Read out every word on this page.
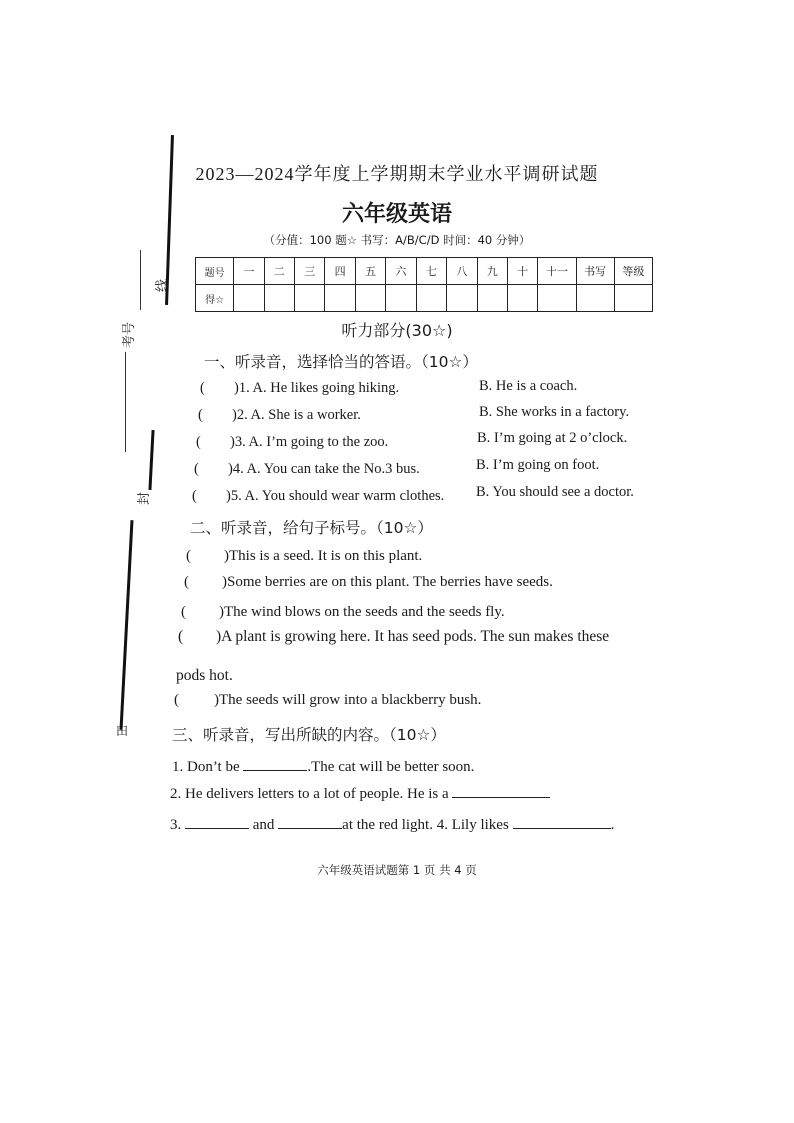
线
考号
封
田
2023—2024学年度上学期期末学业水平调研试题
六年级英语
（分值：100 题☆ 书写：A/B/C/D 时间：40 分钟）
题号	一	二	三	四	五	六	七	八	九	十	十一	书写	等级
得☆													
听力部分(30☆)
一、听录音，选择恰当的答语。（10☆）
( )1. A. He likes going hiking.	B. He is a coach.
( )2. A. She is a worker.	B. She works in a factory.
( )3. A. I’m going to the zoo.	B. I’m going at 2 o’clock.
( )4. A. You can take the No.3 bus.	B. I’m going on foot.
( )5. A. You should wear warm clothes. B. You should see a doctor.
二、听录音，给句子标号。（10☆）
( )This is a seed. It is on this plant.
( )Some berries are on this plant. The berries have seeds.
( )The wind blows on the seeds and the seeds fly.
( )A plant is growing here. It has seed pods. The sun makes these
pods hot.
( )The seeds will grow into a blackberry bush.
三、听录音，写出所缺的内容。（10☆）
1. Don’t be	.The cat will be better soon.
2. He delivers letters to a lot of people. He is a
3.	and	at the red light. 4. Lily likes	.
六年级英语试题第 1 页 共 4 页
